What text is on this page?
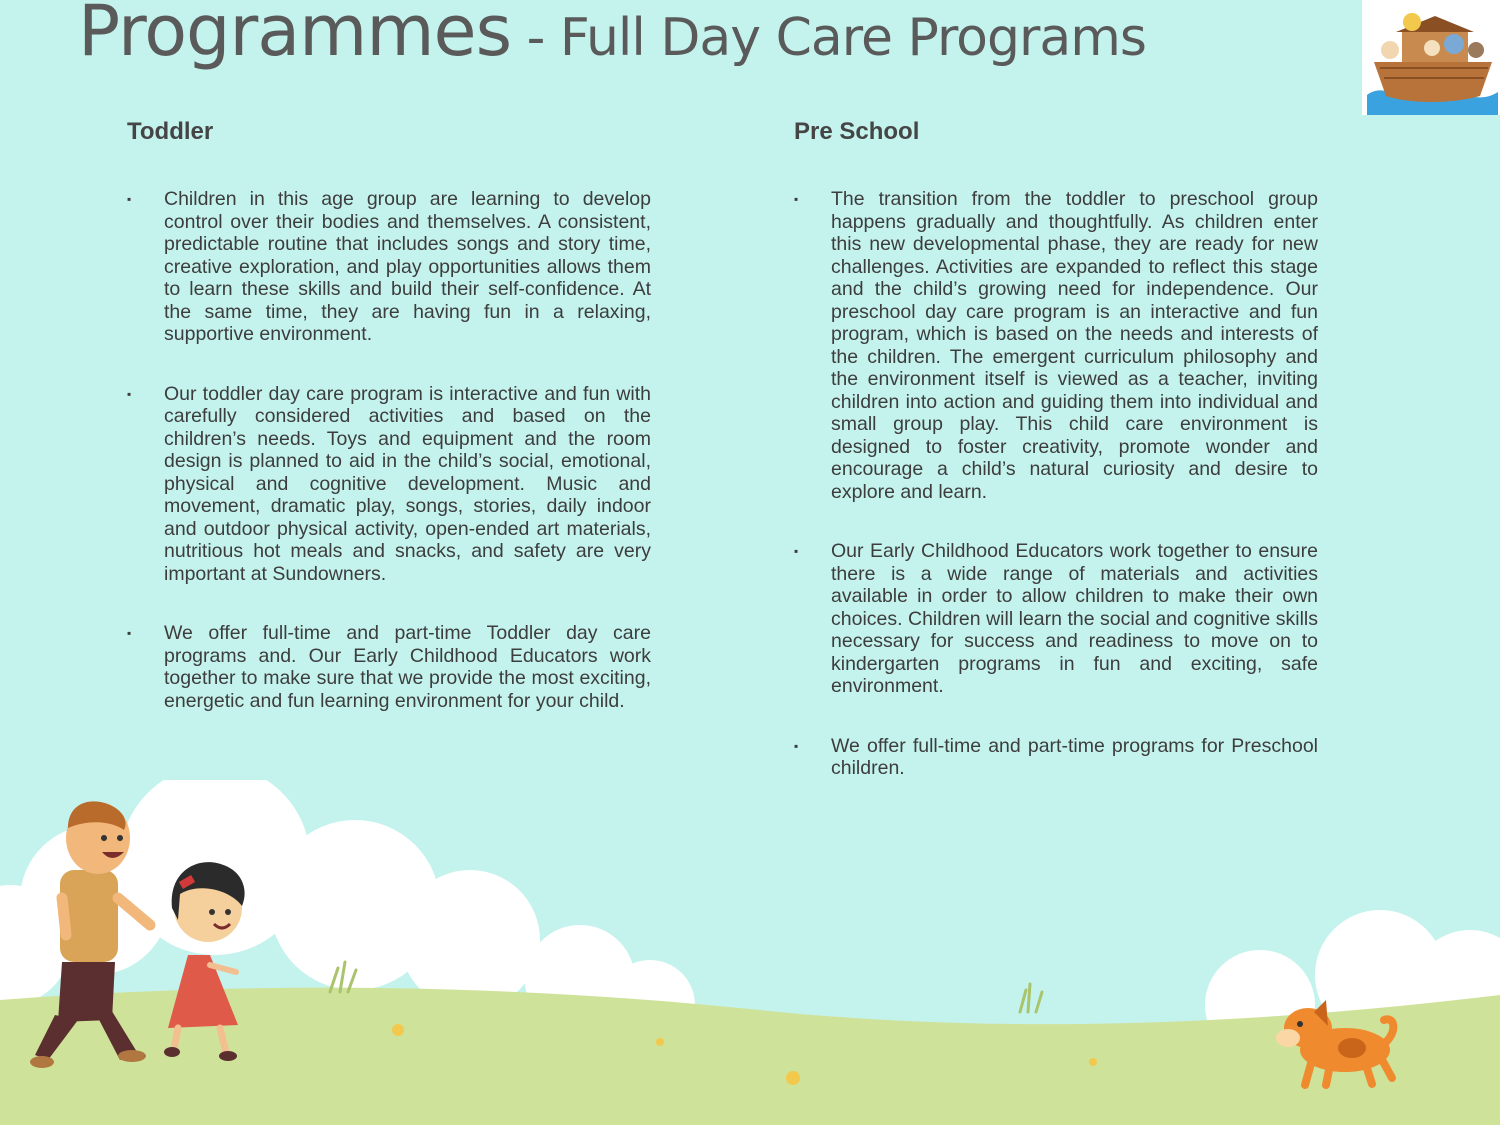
Programmes - Full Day Care Programs
Toddler
▪ Children in this age group are learning to develop control over their bodies and themselves. A consistent, predictable routine that includes songs and story time, creative exploration, and play opportunities allows them to learn these skills and build their self-confidence. At the same time, they are having fun in a relaxing, supportive environment.
▪ Our toddler day care program is interactive and fun with carefully considered activities and based on the children’s needs. Toys and equipment and the room design is planned to aid in the child’s social, emotional, physical and cognitive development. Music and movement, dramatic play, songs, stories, daily indoor and outdoor physical activity, open-ended art materials, nutritious hot meals and snacks, and safety are very important at Sundowners.
▪ We offer full-time and part-time Toddler day care programs and. Our Early Childhood Educators work together to make sure that we provide the most exciting, energetic and fun learning environment for your child.
Pre School
▪ The transition from the toddler to preschool group happens gradually and thoughtfully. As children enter this new developmental phase, they are ready for new challenges. Activities are expanded to reflect this stage and the child’s growing need for independence. Our preschool day care program is an interactive and fun program, which is based on the needs and interests of the children. The emergent curriculum philosophy and the environment itself is viewed as a teacher, inviting children into action and guiding them into individual and small group play. This child care environment is designed to foster creativity, promote wonder and encourage a child’s natural curiosity and desire to explore and learn.
▪ Our Early Childhood Educators work together to ensure there is a wide range of materials and activities available in order to allow children to make their own choices. Children will learn the social and cognitive skills necessary for success and readiness to move on to kindergarten programs in fun and exciting, safe environment.
▪ We offer full-time and part-time programs for Preschool children.
